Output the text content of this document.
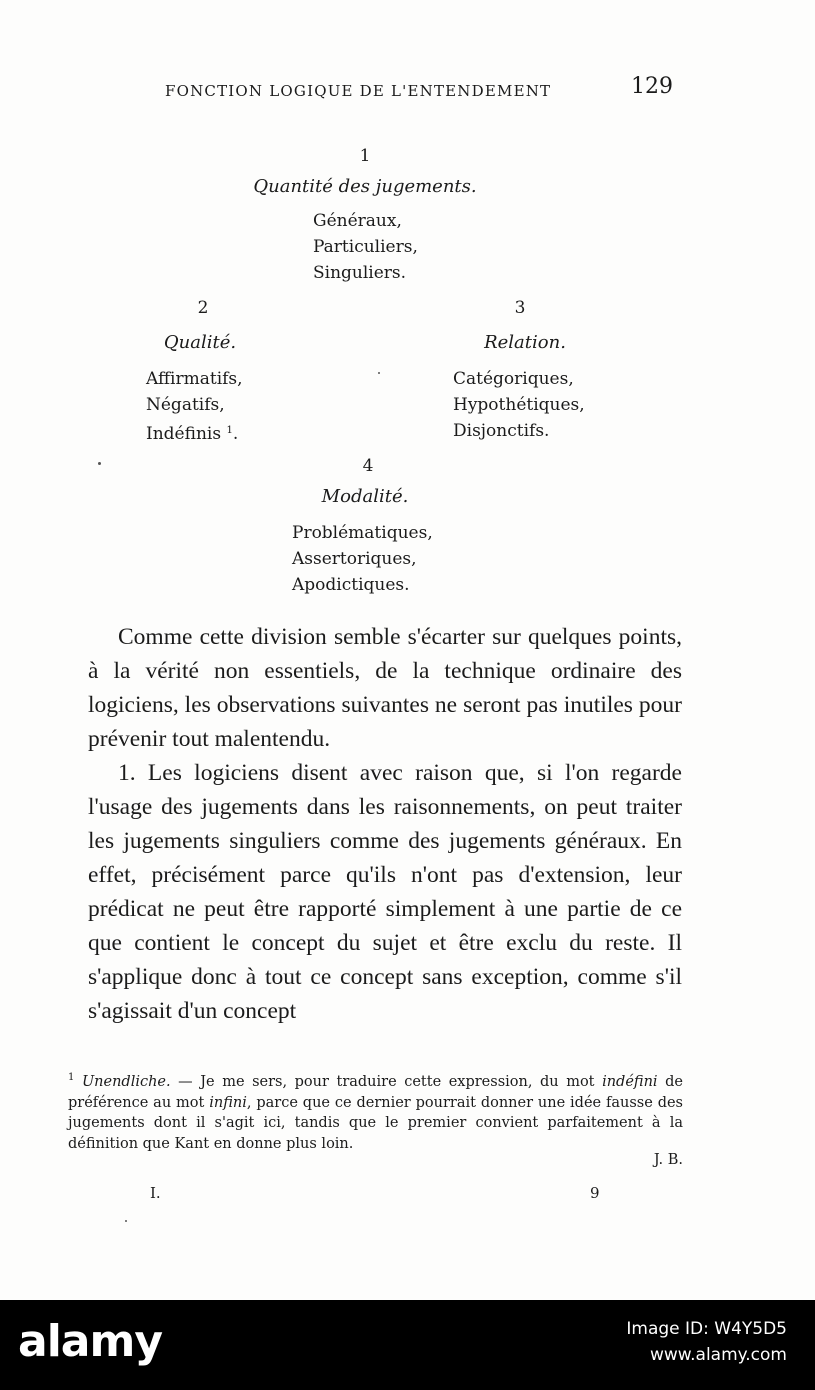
FONCTION LOGIQUE DE L'ENTENDEMENT	129
1
Quantité des jugements.
Généraux,
Particuliers,
Singuliers.
2
Qualité.
Affirmatifs,
Négatifs,
Indéfinis $^1$.
3
Relation.
Catégoriques,
Hypothétiques,
Disjonctifs.
4
Modalité.
Problématiques,
Assertoriques,
Apodictiques.

Comme cette division semble s'écarter sur quelques points, à la vérité non essentiels, de la technique ordinaire des logiciens, les observations suivantes ne seront pas inutiles pour prévenir tout malentendu.

1. Les logiciens disent avec raison que, si l'on regarde l'usage des jugements dans les raisonnements, on peut traiter les jugements singuliers comme des jugements généraux. En effet, précisément parce qu'ils n'ont pas d'extension, leur prédicat ne peut être rapporté simplement à une partie de ce que contient le concept du sujet et être exclu du reste. Il s'applique donc à tout ce concept sans exception, comme s'il s'agissait d'un concept

$^1$ Unendliche. — Je me sers, pour traduire cette expression, du mot indéfini de préférence au mot infini, parce que ce dernier pourrait donner une idée fausse des jugements dont il s'agit ici, tandis que le premier convient parfaitement à la définition que Kant en donne plus loin.
J. B.
I.	9
alamy	Image ID: W4Y5D5
www.alamy.com
